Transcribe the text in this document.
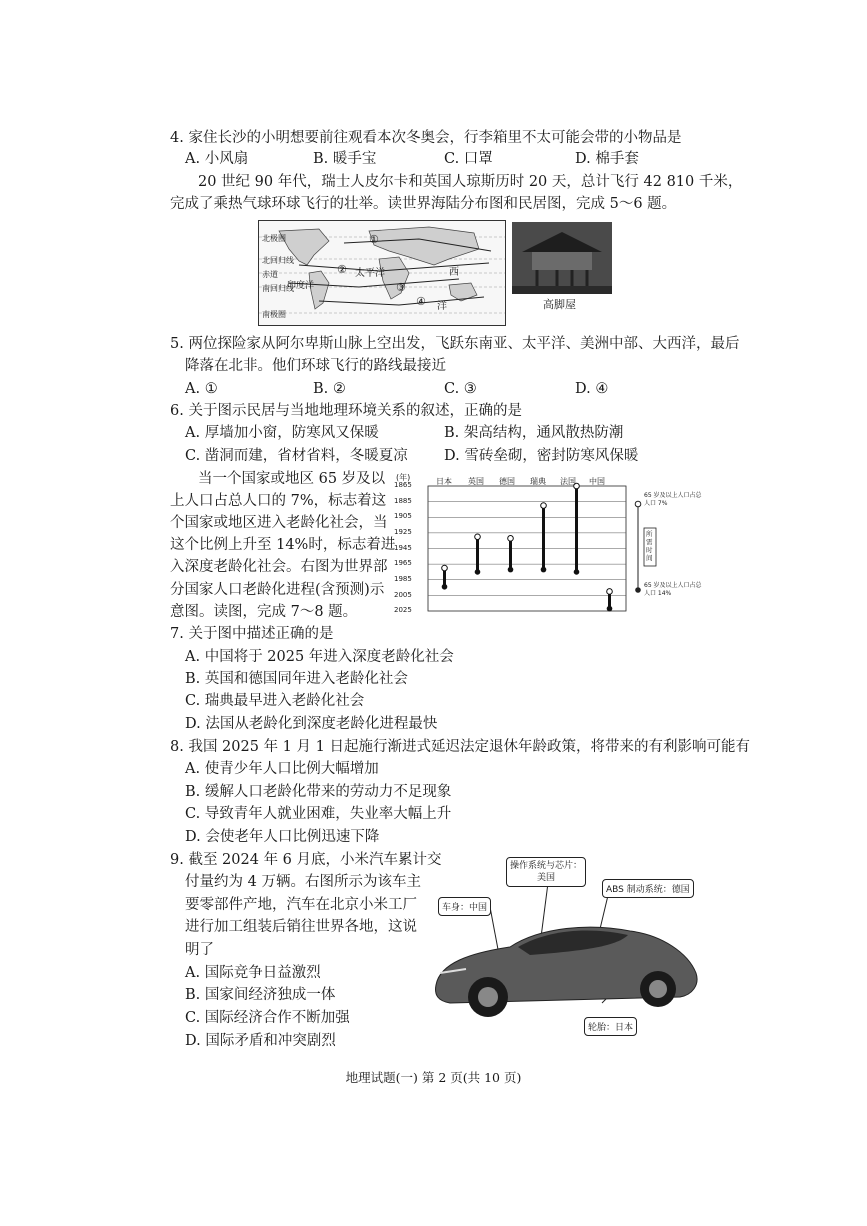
4. 家住长沙的小明想要前往观看本次冬奥会，行李箱里不太可能会带的小物品是
A. 小风扇	B. 暖手宝	C. 口罩	D. 棉手套
20 世纪 90 年代，瑞士人皮尔卡和英国人琼斯历时 20 天，总计飞行 42 810 千米，
完成了乘热气球环球飞行的壮举。读世界海陆分布图和民居图，完成 5～6 题。
北极圈
北回归线
赤道
南回归线
南极圈
太平洋
印度洋
西
洋
①
②
③
④	高脚屋
5. 两位探险家从阿尔卑斯山脉上空出发，飞跃东南亚、太平洋、美洲中部、大西洋，最后
降落在北非。他们环球飞行的路线最接近
A. ①	B. ②	C. ③	D. ④
6. 关于图示民居与当地地理环境关系的叙述，正确的是
A. 厚墙加小窗，防寒风又保暖	B. 架高结构，通风散热防潮
C. 凿洞而建，省材省料，冬暖夏凉 D. 雪砖垒砌，密封防寒风保暖
当一个国家或地区 65 岁及以
上人口占总人口的 7%，标志着这
个国家或地区进入老龄化社会，当
这个比例上升至 14%时，标志着进
入深度老龄化社会。右图为世界部
分国家人口老龄化进程(含预测)示
意图。读图，完成 7～8 题。
(年)
1865
1885
1905
1925
1945
1965
1985
2005
2025
日本 英国 德国 瑞典 法国 中国
65 岁及以上人口占总人口 7%
所需时间
65 岁及以上人口占总人口 14%
7. 关于图中描述正确的是
A. 中国将于 2025 年进入深度老龄化社会
B. 英国和德国同年进入老龄化社会
C. 瑞典最早进入老龄化社会
D. 法国从老龄化到深度老龄化进程最快
8. 我国 2025 年 1 月 1 日起施行渐进式延迟法定退休年龄政策，将带来的有利影响可能有
A. 使青少年人口比例大幅增加
B. 缓解人口老龄化带来的劳动力不足现象
C. 导致青年人就业困难，失业率大幅上升
D. 会使老年人口比例迅速下降
9. 截至 2024 年 6 月底，小米汽车累计交
付量约为 4 万辆。右图所示为该车主
要零部件产地，汽车在北京小米工厂
进行加工组装后销往世界各地，这说
明了
A. 国际竞争日益激烈
B. 国家间经济独成一体
C. 国际经济合作不断加强
D. 国际矛盾和冲突剧烈
操作系统与芯片：
美国
车身：中国
ABS 制动系统：德国
轮胎：日本
地理试题(一) 第 2 页(共 10 页)
